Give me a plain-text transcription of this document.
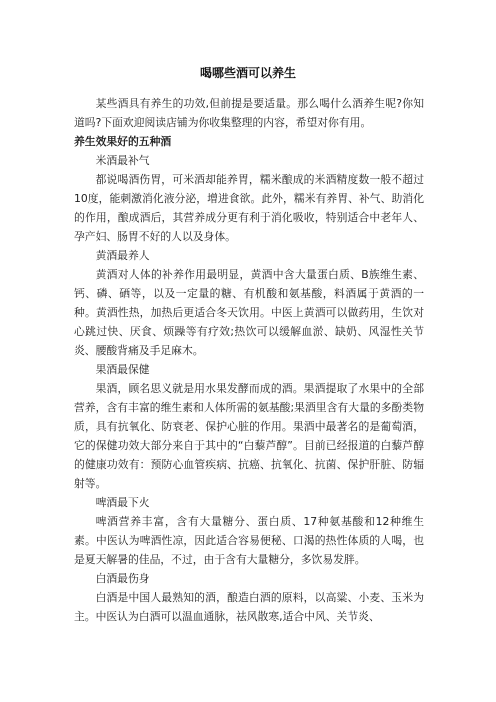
喝哪些酒可以养生

某些酒具有养生的功效,但前提是要适量。那么喝什么酒养生呢?你知道吗?下面欢迎阅读店铺为你收集整理的内容，希望对你有用。

养生效果好的五种酒

米酒最补气

都说喝酒伤胃，可米酒却能养胃，糯米酿成的米酒精度数一般不超过10度，能刺激消化液分泌，增进食欲。此外，糯米有养胃、补气、助消化的作用，酿成酒后，其营养成分更有利于消化吸收，特别适合中老年人、孕产妇、肠胃不好的人以及身体。

黄酒最养人

黄酒对人体的补养作用最明显，黄酒中含大量蛋白质、B族维生素、钙、磷、硒等，以及一定量的糖、有机酸和氨基酸，料酒属于黄酒的一种。黄酒性热，加热后更适合冬天饮用。中医上黄酒可以做药用，生饮对心跳过快、厌食、烦躁等有疗效;热饮可以缓解血淤、缺奶、风湿性关节炎、腰酸背痛及手足麻木。

果酒最保健

果酒，顾名思义就是用水果发酵而成的酒。果酒提取了水果中的全部营养，含有丰富的维生素和人体所需的氨基酸;果酒里含有大量的多酚类物质，具有抗氧化、防衰老、保护心脏的作用。果酒中最著名的是葡萄酒，它的保健功效大部分来自于其中的“白藜芦醇”。目前已经报道的白藜芦醇的健康功效有：预防心血管疾病、抗癌、抗氧化、抗菌、保护肝脏、防辐射等。

啤酒最下火

啤酒营养丰富，含有大量糖分、蛋白质、17种氨基酸和12种维生素。中医认为啤酒性凉，因此适合容易便秘、口渴的热性体质的人喝，也是夏天解暑的佳品，不过，由于含有大量糖分，多饮易发胖。

白酒最伤身

白酒是中国人最熟知的酒，酿造白酒的原料，以高粱、小麦、玉米为主。中医认为白酒可以温血通脉，祛风散寒,适合中风、关节炎、
